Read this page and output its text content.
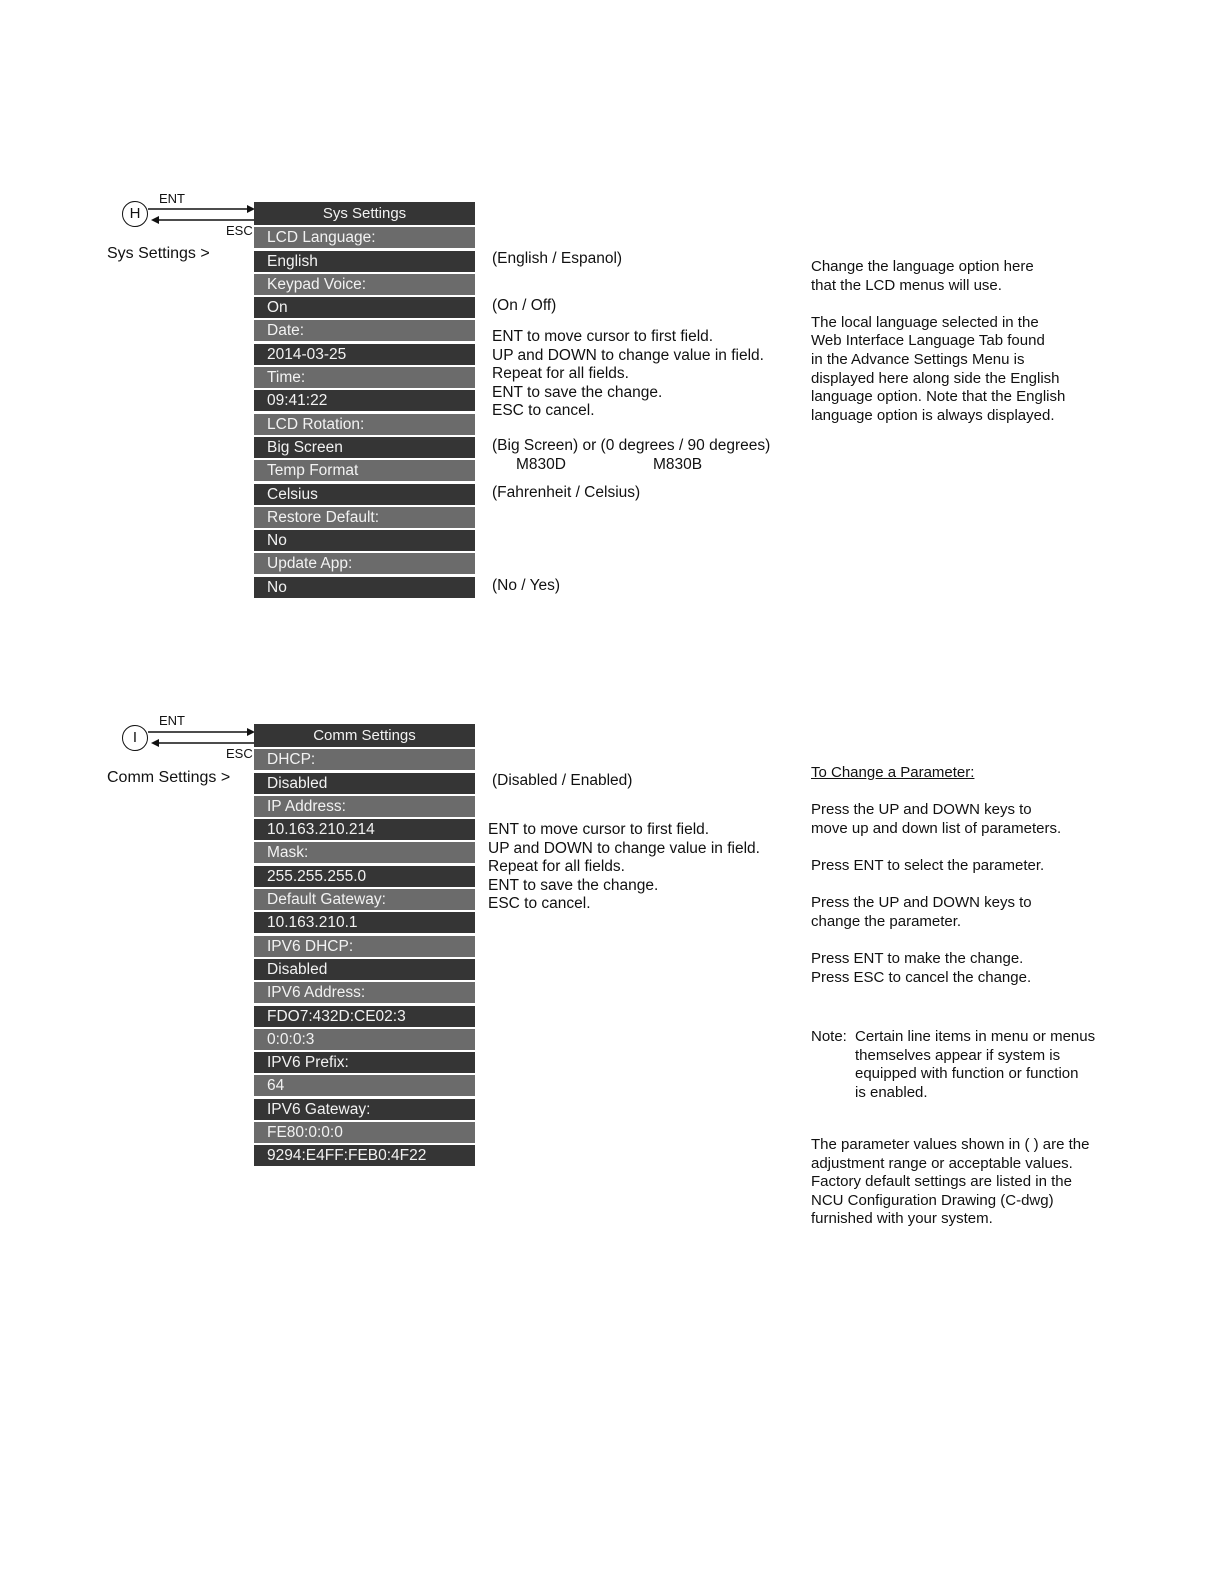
H
ENT
ESC
Sys Settings >
Sys Settings
LCD Language:
English
Keypad Voice:
On
Date:
2014-03-25
Time:
09:41:22
LCD Rotation:
Big Screen
Temp Format
Celsius
Restore Default:
No
Update App:
No
(English / Espanol)
(On / Off)
ENT to move cursor to first field.
UP and DOWN to change value in field.
Repeat for all fields.
ENT to save the change.
ESC to cancel.
(Big Screen) or (0 degrees / 90 degrees)
M830D	M830B
(Fahrenheit / Celsius)
(No / Yes)
Change the language option here
that the LCD menus will use.
The local language selected in the
Web Interface Language Tab found
in the Advance Settings Menu is
displayed here along side the English
language option. Note that the English
language option is always displayed.
I
ENT
ESC
Comm Settings >
Comm Settings
DHCP:
Disabled
IP Address:
10.163.210.214
Mask:
255.255.255.0
Default Gateway:
10.163.210.1
IPV6 DHCP:
Disabled
IPV6 Address:
FDO7:432D:CE02:3
0:0:0:3
IPV6 Prefix:
64
IPV6 Gateway:
FE80:0:0:0
9294:E4FF:FEB0:4F22
(Disabled / Enabled)
ENT to move cursor to first field.
UP and DOWN to change value in field.
Repeat for all fields.
ENT to save the change.
ESC to cancel.
To Change a Parameter:
Press the UP and DOWN keys to
move up and down list of parameters.
Press ENT to select the parameter.
Press the UP and DOWN keys to
change the parameter.
Press ENT to make the change.
Press ESC to cancel the change.
Note: Certain line items in menu or menus
themselves appear if system is
equipped with function or function
is enabled.
The parameter values shown in ( ) are the
adjustment range or acceptable values.
Factory default settings are listed in the
NCU Configuration Drawing (C-dwg)
furnished with your system.
